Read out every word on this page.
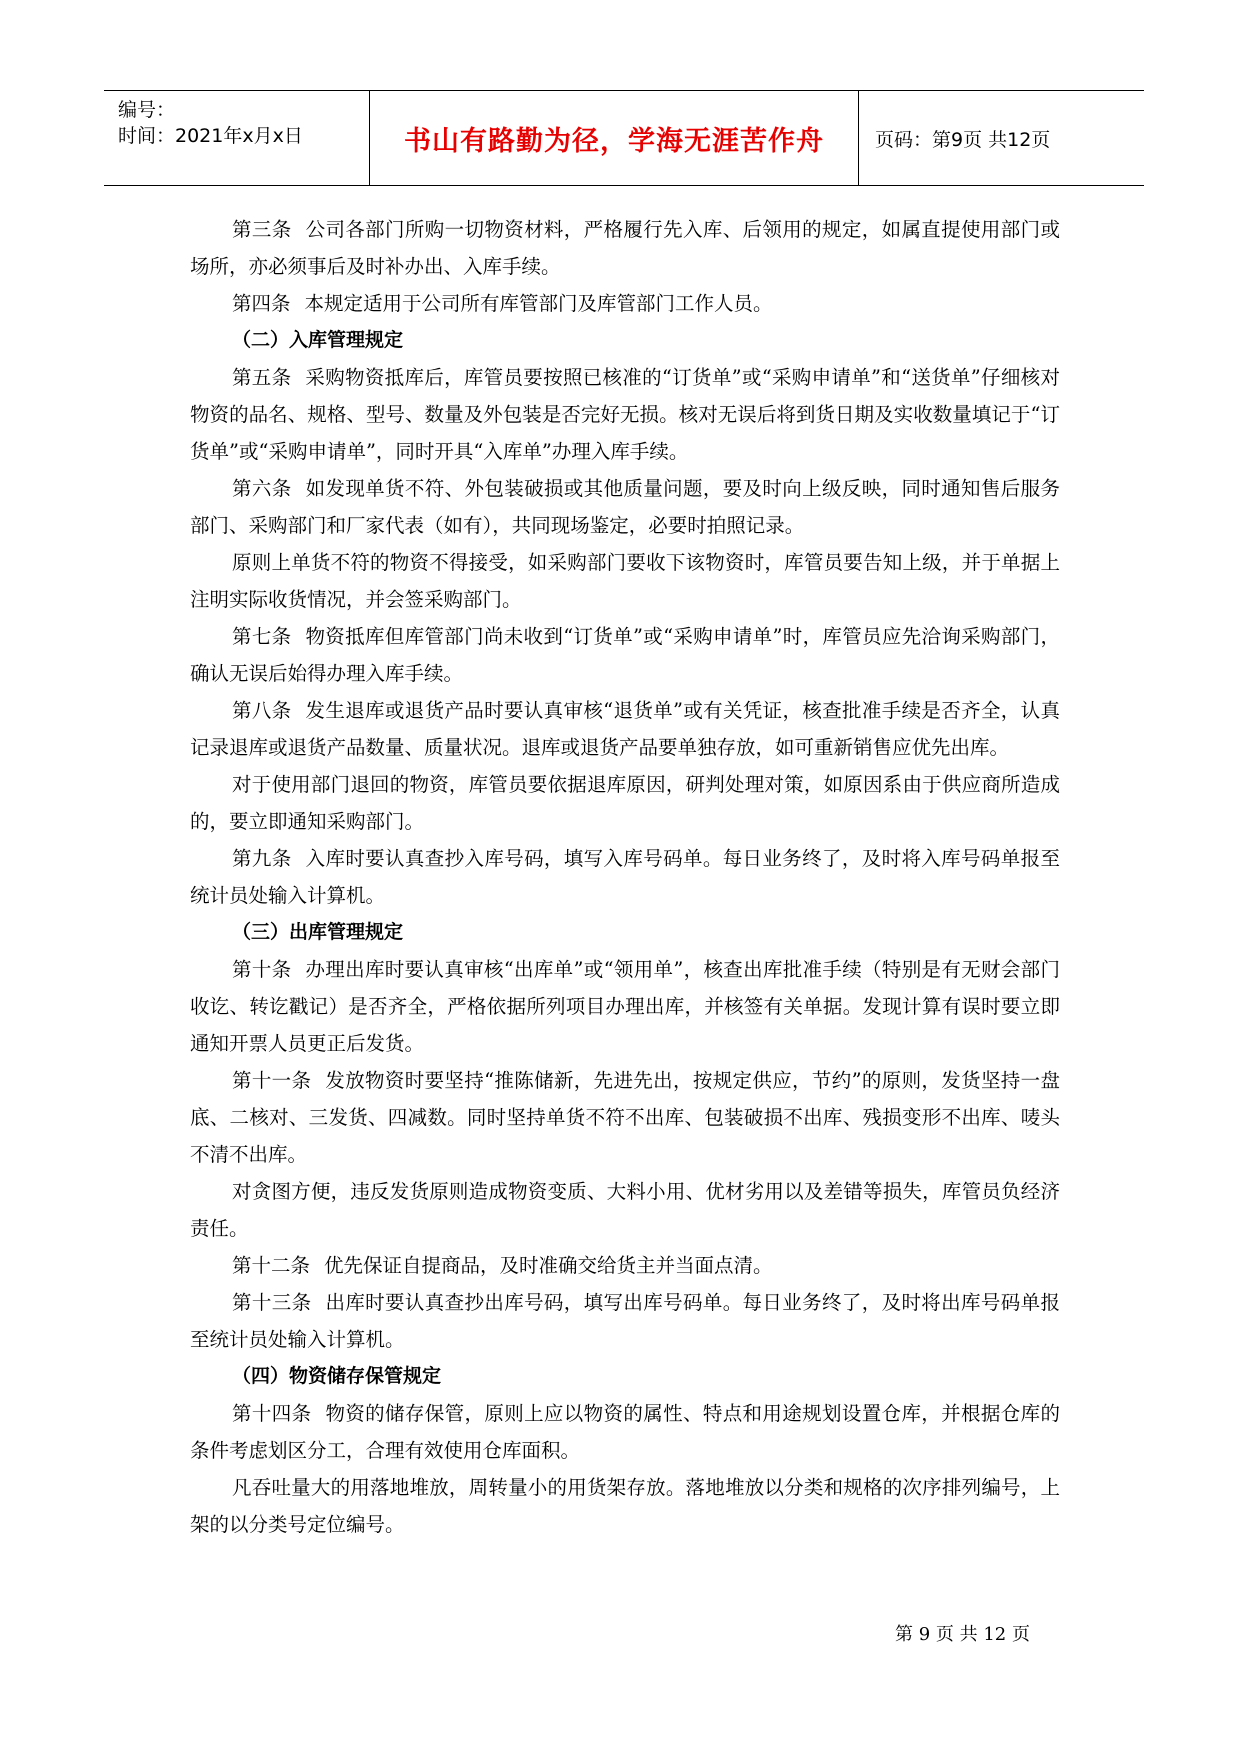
编号：
时间：2021年x月x日	书山有路勤为径，学海无涯苦作舟	页码：第9页 共12页

第三条 公司各部门所购一切物资材料，严格履行先入库、后领用的规定，如属直提使用部门或场所，亦必须事后及时补办出、入库手续。

第四条 本规定适用于公司所有库管部门及库管部门工作人员。

（二）入库管理规定

第五条 采购物资抵库后，库管员要按照已核准的“订货单”或“采购申请单”和“送货单”仔细核对物资的品名、规格、型号、数量及外包装是否完好无损。核对无误后将到货日期及实收数量填记于“订货单”或“采购申请单”，同时开具“入库单”办理入库手续。

第六条 如发现单货不符、外包装破损或其他质量问题，要及时向上级反映，同时通知售后服务部门、采购部门和厂家代表（如有），共同现场鉴定，必要时拍照记录。

原则上单货不符的物资不得接受，如采购部门要收下该物资时，库管员要告知上级，并于单据上注明实际收货情况，并会签采购部门。

第七条 物资抵库但库管部门尚未收到“订货单”或“采购申请单”时，库管员应先洽询采购部门，确认无误后始得办理入库手续。

第八条 发生退库或退货产品时要认真审核“退货单”或有关凭证，核查批准手续是否齐全，认真记录退库或退货产品数量、质量状况。退库或退货产品要单独存放，如可重新销售应优先出库。

对于使用部门退回的物资，库管员要依据退库原因，研判处理对策，如原因系由于供应商所造成的，要立即通知采购部门。

第九条 入库时要认真查抄入库号码，填写入库号码单。每日业务终了，及时将入库号码单报至统计员处输入计算机。

（三）出库管理规定

第十条 办理出库时要认真审核“出库单”或“领用单”，核查出库批准手续（特别是有无财会部门收讫、转讫戳记）是否齐全，严格依据所列项目办理出库，并核签有关单据。发现计算有误时要立即通知开票人员更正后发货。

第十一条 发放物资时要坚持“推陈储新，先进先出，按规定供应，节约”的原则，发货坚持一盘底、二核对、三发货、四减数。同时坚持单货不符不出库、包装破损不出库、残损变形不出库、唛头不清不出库。

对贪图方便，违反发货原则造成物资变质、大料小用、优材劣用以及差错等损失，库管员负经济责任。

第十二条 优先保证自提商品，及时准确交给货主并当面点清。

第十三条 出库时要认真查抄出库号码，填写出库号码单。每日业务终了，及时将出库号码单报至统计员处输入计算机。

（四）物资储存保管规定

第十四条 物资的储存保管，原则上应以物资的属性、特点和用途规划设置仓库，并根据仓库的条件考虑划区分工，合理有效使用仓库面积。

凡吞吐量大的用落地堆放，周转量小的用货架存放。落地堆放以分类和规格的次序排列编号，上架的以分类号定位编号。

第 9 页 共 12 页
